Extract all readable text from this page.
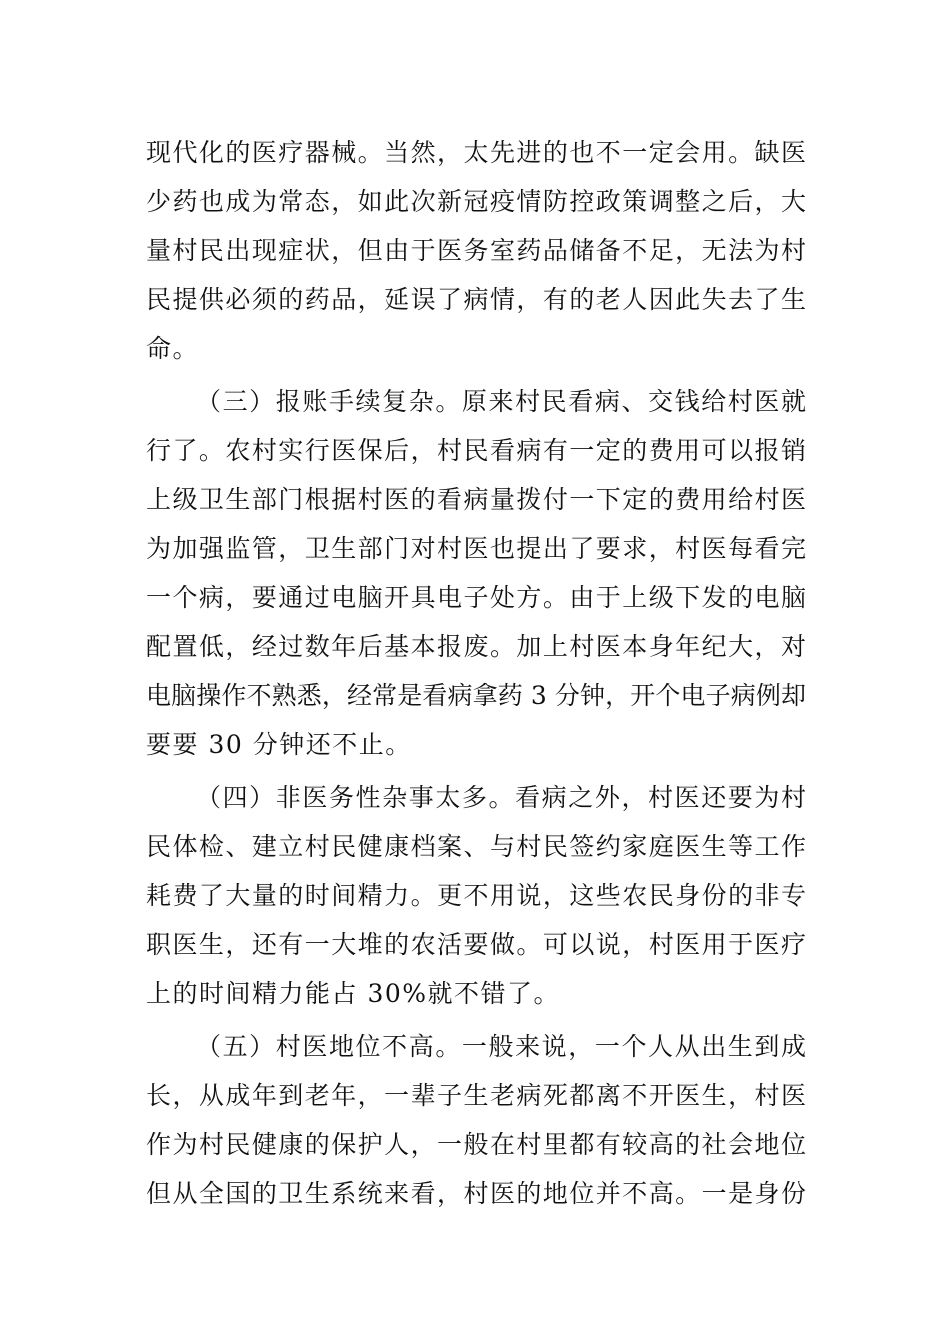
现代化的医疗器械。当然，太先进的也不一定会用。缺医
少药也成为常态，如此次新冠疫情防控政策调整之后，大
量村民出现症状，但由于医务室药品储备不足，无法为村
民提供必须的药品，延误了病情，有的老人因此失去了生
命。
（三）报账手续复杂。原来村民看病、交钱给村医就
行了。农村实行医保后，村民看病有一定的费用可以报销
上级卫生部门根据村医的看病量拨付一下定的费用给村医
为加强监管，卫生部门对村医也提出了要求，村医每看完
一个病，要通过电脑开具电子处方。由于上级下发的电脑
配置低，经过数年后基本报废。加上村医本身年纪大，对
电脑操作不熟悉，经常是看病拿药 3 分钟，开个电子病例却
要要 30 分钟还不止。
（四）非医务性杂事太多。看病之外，村医还要为村
民体检、建立村民健康档案、与村民签约家庭医生等工作
耗费了大量的时间精力。更不用说，这些农民身份的非专
职医生，还有一大堆的农活要做。可以说，村医用于医疗
上的时间精力能占 30%就不错了。
（五）村医地位不高。一般来说，一个人从出生到成
长，从成年到老年，一辈子生老病死都离不开医生，村医
作为村民健康的保护人，一般在村里都有较高的社会地位
但从全国的卫生系统来看，村医的地位并不高。一是身份
